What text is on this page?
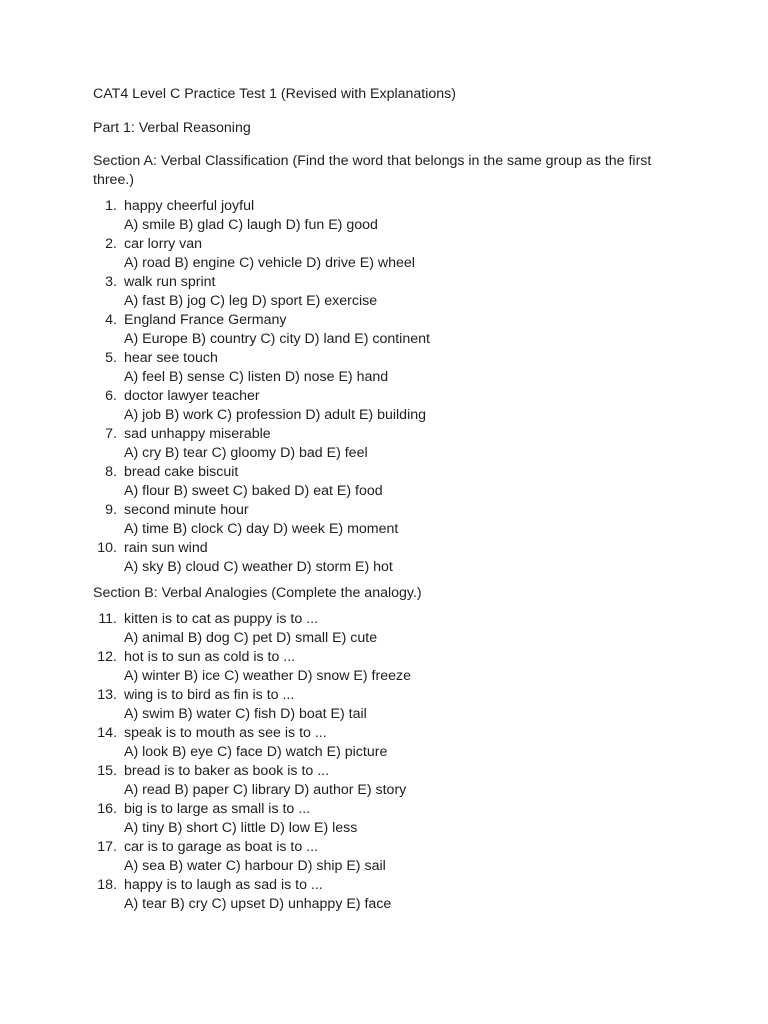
CAT4 Level C Practice Test 1 (Revised with Explanations)

Part 1: Verbal Reasoning

Section A: Verbal Classification (Find the word that belongs in the same group as the first three.)

1. happy cheerful joyful
A) smile B) glad C) laugh D) fun E) good
2. car lorry van
A) road B) engine C) vehicle D) drive E) wheel
3. walk run sprint
A) fast B) jog C) leg D) sport E) exercise
4. England France Germany
A) Europe B) country C) city D) land E) continent
5. hear see touch
A) feel B) sense C) listen D) nose E) hand
6. doctor lawyer teacher
A) job B) work C) profession D) adult E) building
7. sad unhappy miserable
A) cry B) tear C) gloomy D) bad E) feel
8. bread cake biscuit
A) flour B) sweet C) baked D) eat E) food
9. second minute hour
A) time B) clock C) day D) week E) moment
10. rain sun wind
A) sky B) cloud C) weather D) storm E) hot

Section B: Verbal Analogies (Complete the analogy.)

11. kitten is to cat as puppy is to ...
A) animal B) dog C) pet D) small E) cute
12. hot is to sun as cold is to ...
A) winter B) ice C) weather D) snow E) freeze
13. wing is to bird as fin is to ...
A) swim B) water C) fish D) boat E) tail
14. speak is to mouth as see is to ...
A) look B) eye C) face D) watch E) picture
15. bread is to baker as book is to ...
A) read B) paper C) library D) author E) story
16. big is to large as small is to ...
A) tiny B) short C) little D) low E) less
17. car is to garage as boat is to ...
A) sea B) water C) harbour D) ship E) sail
18. happy is to laugh as sad is to ...
A) tear B) cry C) upset D) unhappy E) face
